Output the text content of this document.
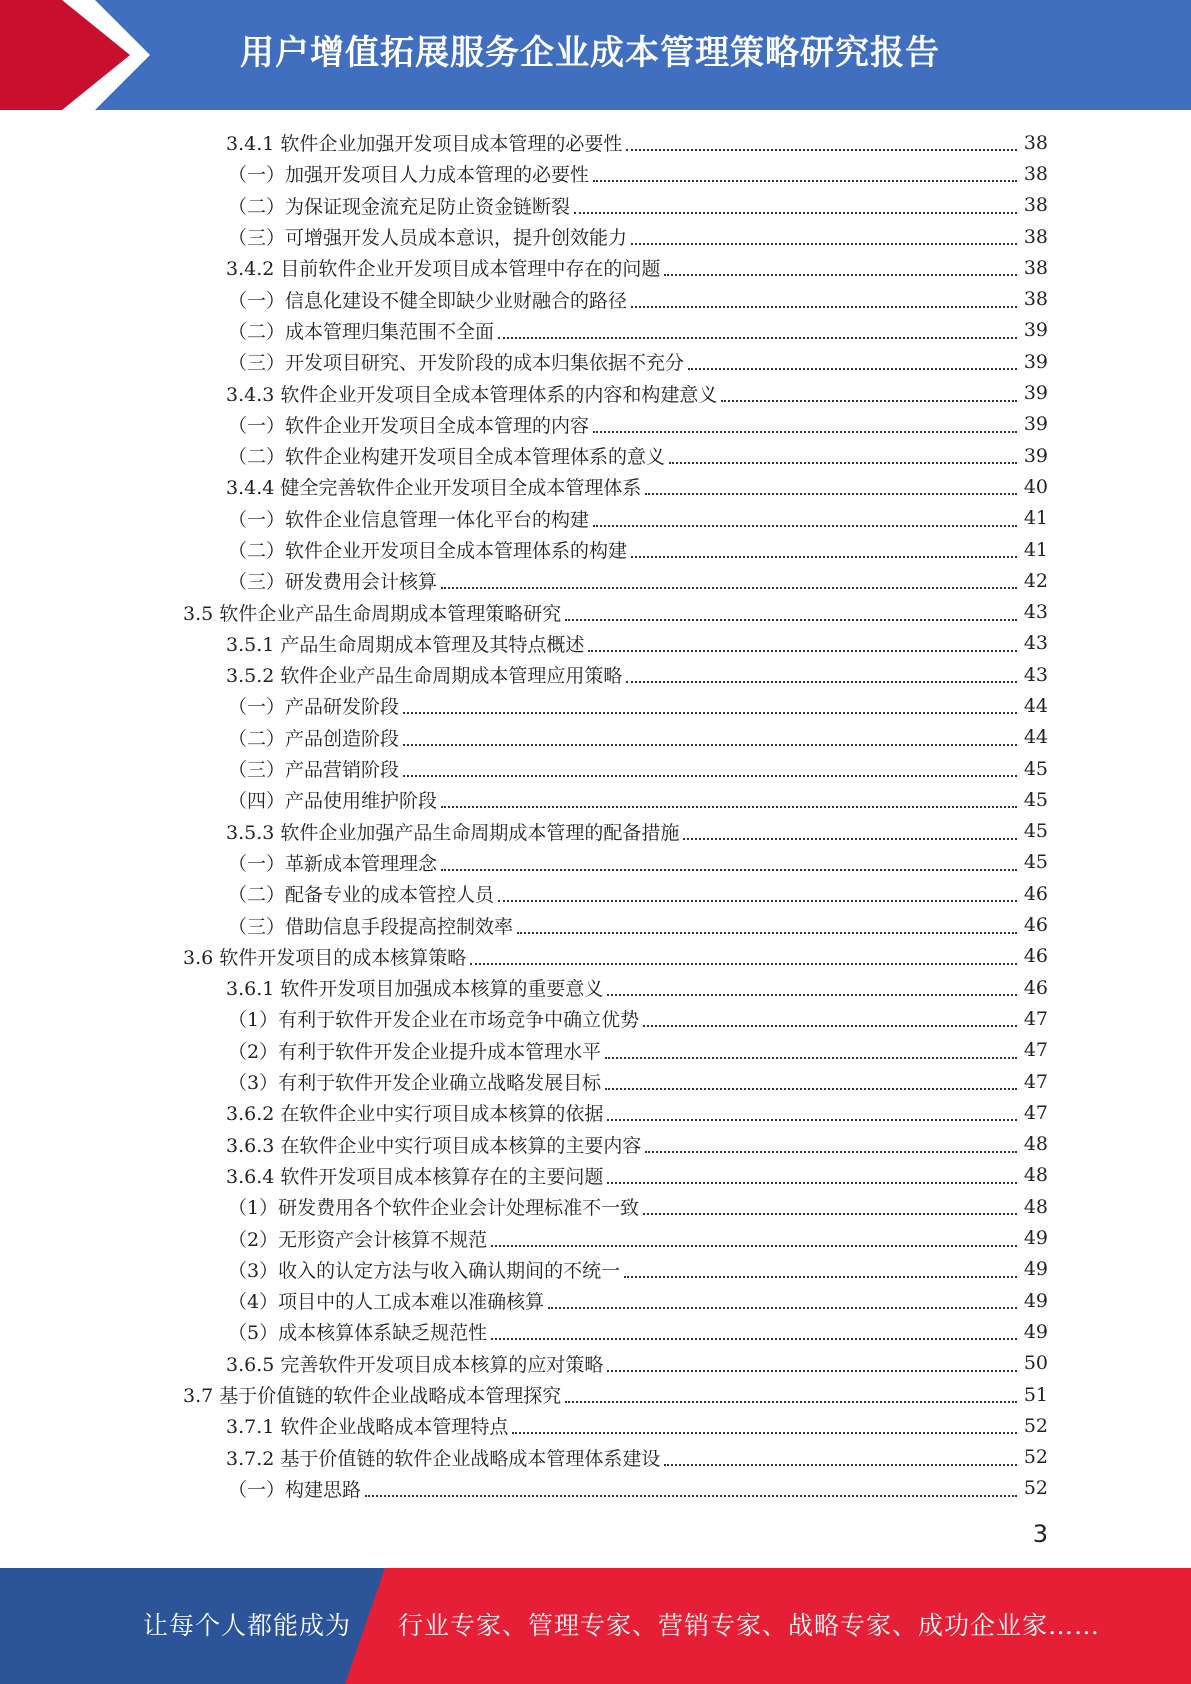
用户增值拓展服务企业成本管理策略研究报告
3.4.1 软件企业加强开发项目成本管理的必要性	38
（一）加强开发项目人力成本管理的必要性	38
（二）为保证现金流充足防止资金链断裂	38
（三）可增强开发人员成本意识，提升创效能力	38
3.4.2 目前软件企业开发项目成本管理中存在的问题	38
（一）信息化建设不健全即缺少业财融合的路径	38
（二）成本管理归集范围不全面	39
（三）开发项目研究、开发阶段的成本归集依据不充分	39
3.4.3 软件企业开发项目全成本管理体系的内容和构建意义	39
（一）软件企业开发项目全成本管理的内容	39
（二）软件企业构建开发项目全成本管理体系的意义	39
3.4.4 健全完善软件企业开发项目全成本管理体系	40
（一）软件企业信息管理一体化平台的构建	41
（二）软件企业开发项目全成本管理体系的构建	41
（三）研发费用会计核算	42
3.5 软件企业产品生命周期成本管理策略研究	43
3.5.1 产品生命周期成本管理及其特点概述	43
3.5.2 软件企业产品生命周期成本管理应用策略	43
（一）产品研发阶段	44
（二）产品创造阶段	44
（三）产品营销阶段	45
（四）产品使用维护阶段	45
3.5.3 软件企业加强产品生命周期成本管理的配备措施	45
（一）革新成本管理理念	45
（二）配备专业的成本管控人员	46
（三）借助信息手段提高控制效率	46
3.6 软件开发项目的成本核算策略	46
3.6.1 软件开发项目加强成本核算的重要意义	46
（1）有利于软件开发企业在市场竞争中确立优势	47
（2）有利于软件开发企业提升成本管理水平	47
（3）有利于软件开发企业确立战略发展目标	47
3.6.2 在软件企业中实行项目成本核算的依据	47
3.6.3 在软件企业中实行项目成本核算的主要内容	48
3.6.4 软件开发项目成本核算存在的主要问题	48
（1）研发费用各个软件企业会计处理标准不一致	48
（2）无形资产会计核算不规范	49
（3）收入的认定方法与收入确认期间的不统一	49
（4）项目中的人工成本难以准确核算	49
（5）成本核算体系缺乏规范性	49
3.6.5 完善软件开发项目成本核算的应对策略	50
3.7 基于价值链的软件企业战略成本管理探究	51
3.7.1 软件企业战略成本管理特点	52
3.7.2 基于价值链的软件企业战略成本管理体系建设	52
（一）构建思路	52
3
让每个人都能成为 行业专家、管理专家、营销专家、战略专家、成功企业家……
